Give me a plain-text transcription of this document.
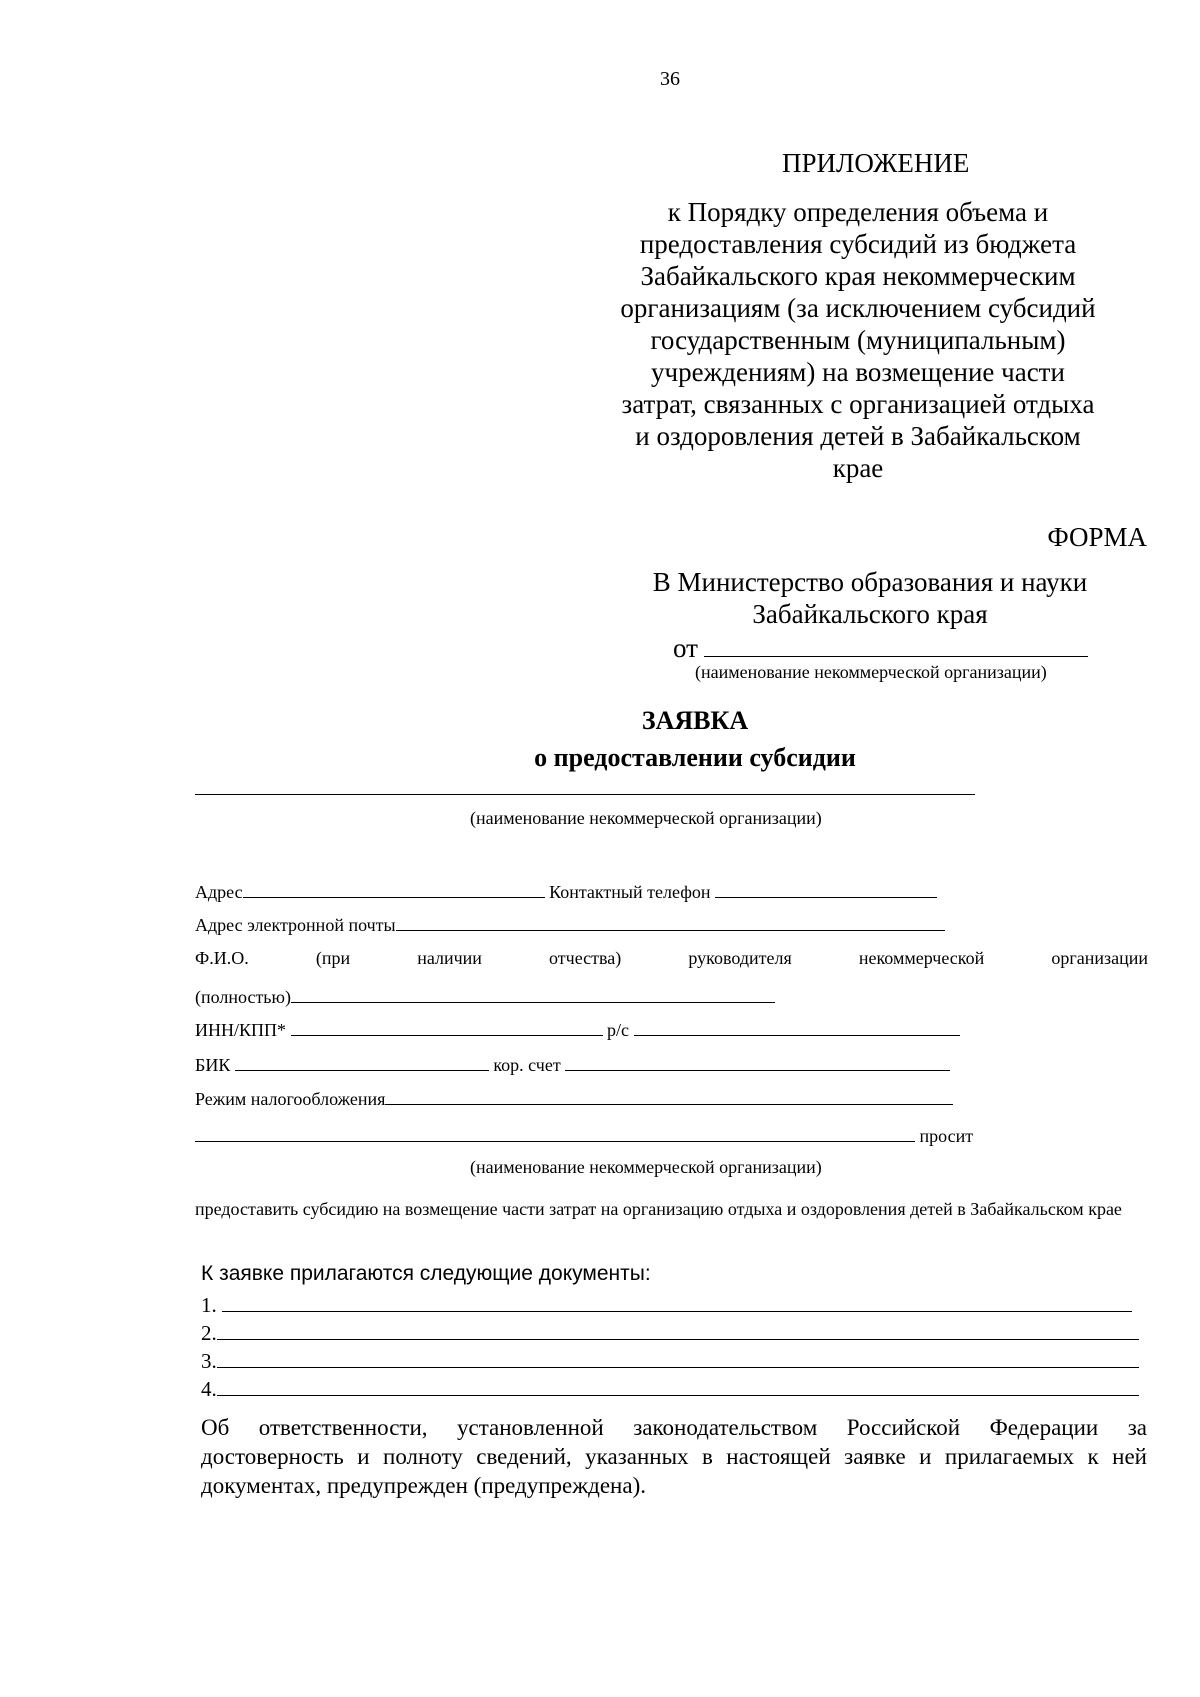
36
ПРИЛОЖЕНИЕ
к Порядку определения объема и предоставления субсидий из бюджета Забайкальского края некоммерческим организациям (за исключением субсидий государственным (муниципальным) учреждениям) на возмещение части затрат, связанных с организацией отдыха и оздоровления детей в Забайкальском крае
ФОРМА
В Министерство образования и науки
Забайкальского края
от
(наименование некоммерческой организации)
ЗАЯВКА
о предоставлении субсидии
(наименование некоммерческой организации)
Адрес	Контактный телефон
Адрес электронной почты
Ф.И.О.	(при	наличии	отчества)	руководителя	некоммерческой	организации
(полностью)
ИНН/КПП*	р/с
БИК	кор. счет
Режим налогообложения
просит
(наименование некоммерческой организации)
предоставить субсидию на возмещение части затрат на организацию отдыха и оздоровления детей в Забайкальском крае
К заявке прилагаются следующие документы:
1.
2.
3.
4.
Об ответственности, установленной законодательством Российской Федерации за достоверность и полноту сведений, указанных в настоящей заявке и прилагаемых к ней документах, предупрежден (предупреждена).
